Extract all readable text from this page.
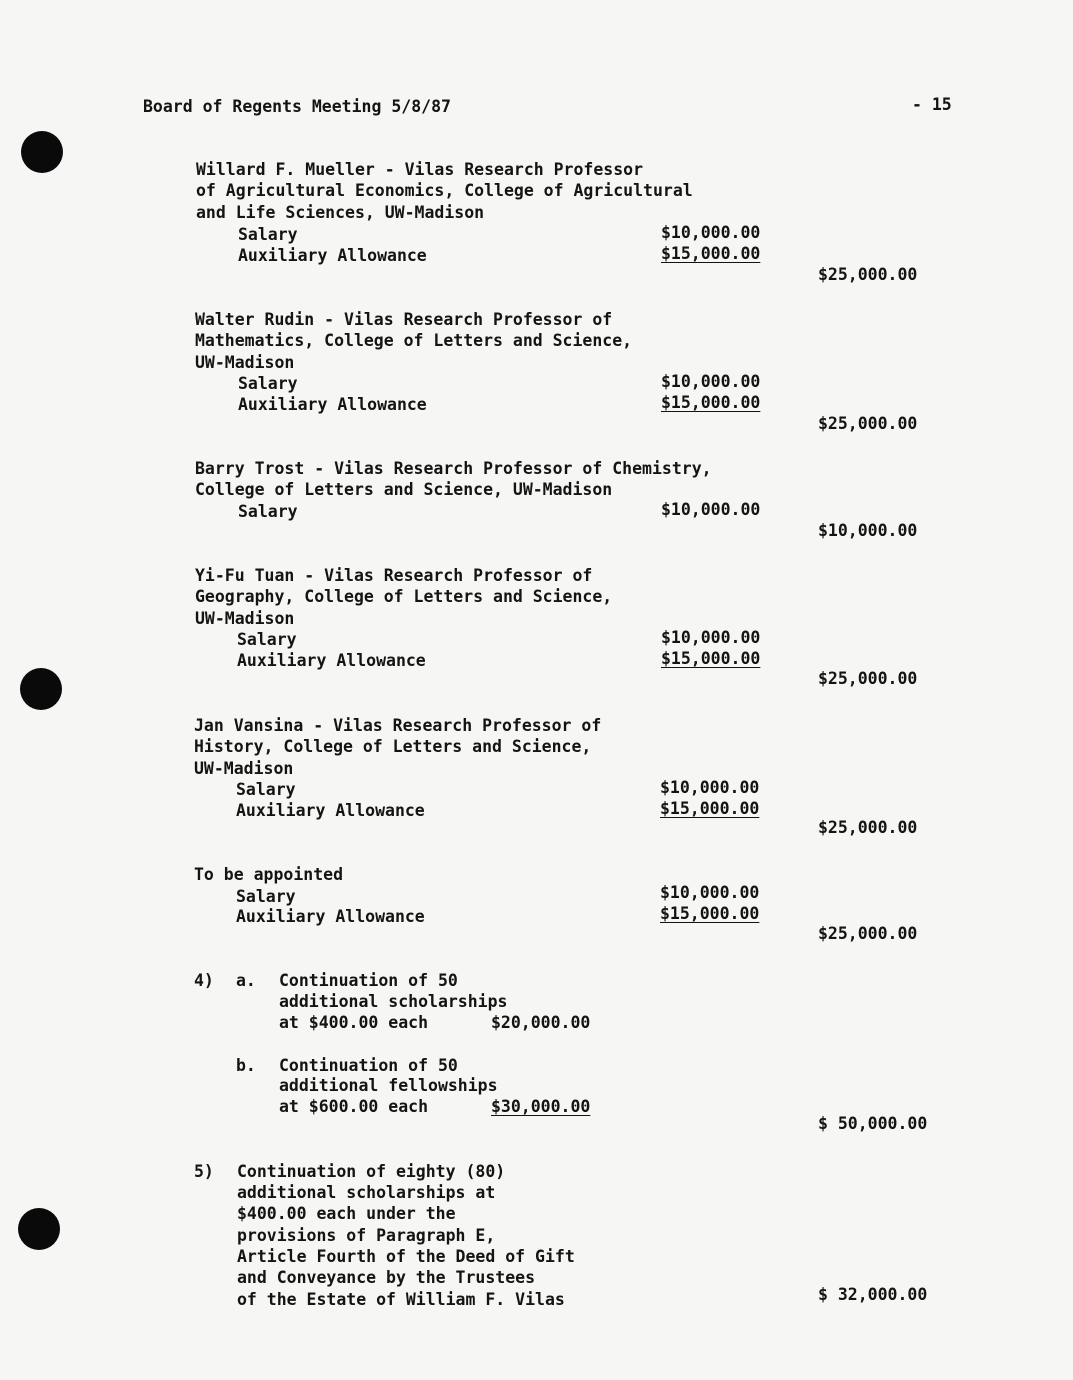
Board of Regents Meeting 5/8/87	- 15
Willard F. Mueller - Vilas Research Professor
of Agricultural Economics, College of Agricultural
and Life Sciences, UW-Madison
Salary	$10,000.00
Auxiliary Allowance	$15,000.00
$25,000.00
Walter Rudin - Vilas Research Professor of
Mathematics, College of Letters and Science,
UW-Madison
Salary	$10,000.00
Auxiliary Allowance	$15,000.00
$25,000.00
Barry Trost - Vilas Research Professor of Chemistry,
College of Letters and Science, UW-Madison
Salary	$10,000.00
$10,000.00
Yi-Fu Tuan - Vilas Research Professor of
Geography, College of Letters and Science,
UW-Madison
Salary	$10,000.00
Auxiliary Allowance	$15,000.00
$25,000.00
Jan Vansina - Vilas Research Professor of
History, College of Letters and Science,
UW-Madison
Salary	$10,000.00
Auxiliary Allowance	$15,000.00
$25,000.00
To be appointed
Salary	$10,000.00
Auxiliary Allowance	$15,000.00
$25,000.00
4) a. Continuation of 50
additional scholarships
at $400.00 each	$20,000.00
b. Continuation of 50
additional fellowships
at $600.00 each	$30,000.00
$ 50,000.00
5) Continuation of eighty (80)
additional scholarships at
$400.00 each under the
provisions of Paragraph E,
Article Fourth of the Deed of Gift
and Conveyance by the Trustees
of the Estate of William F. Vilas	$ 32,000.00
